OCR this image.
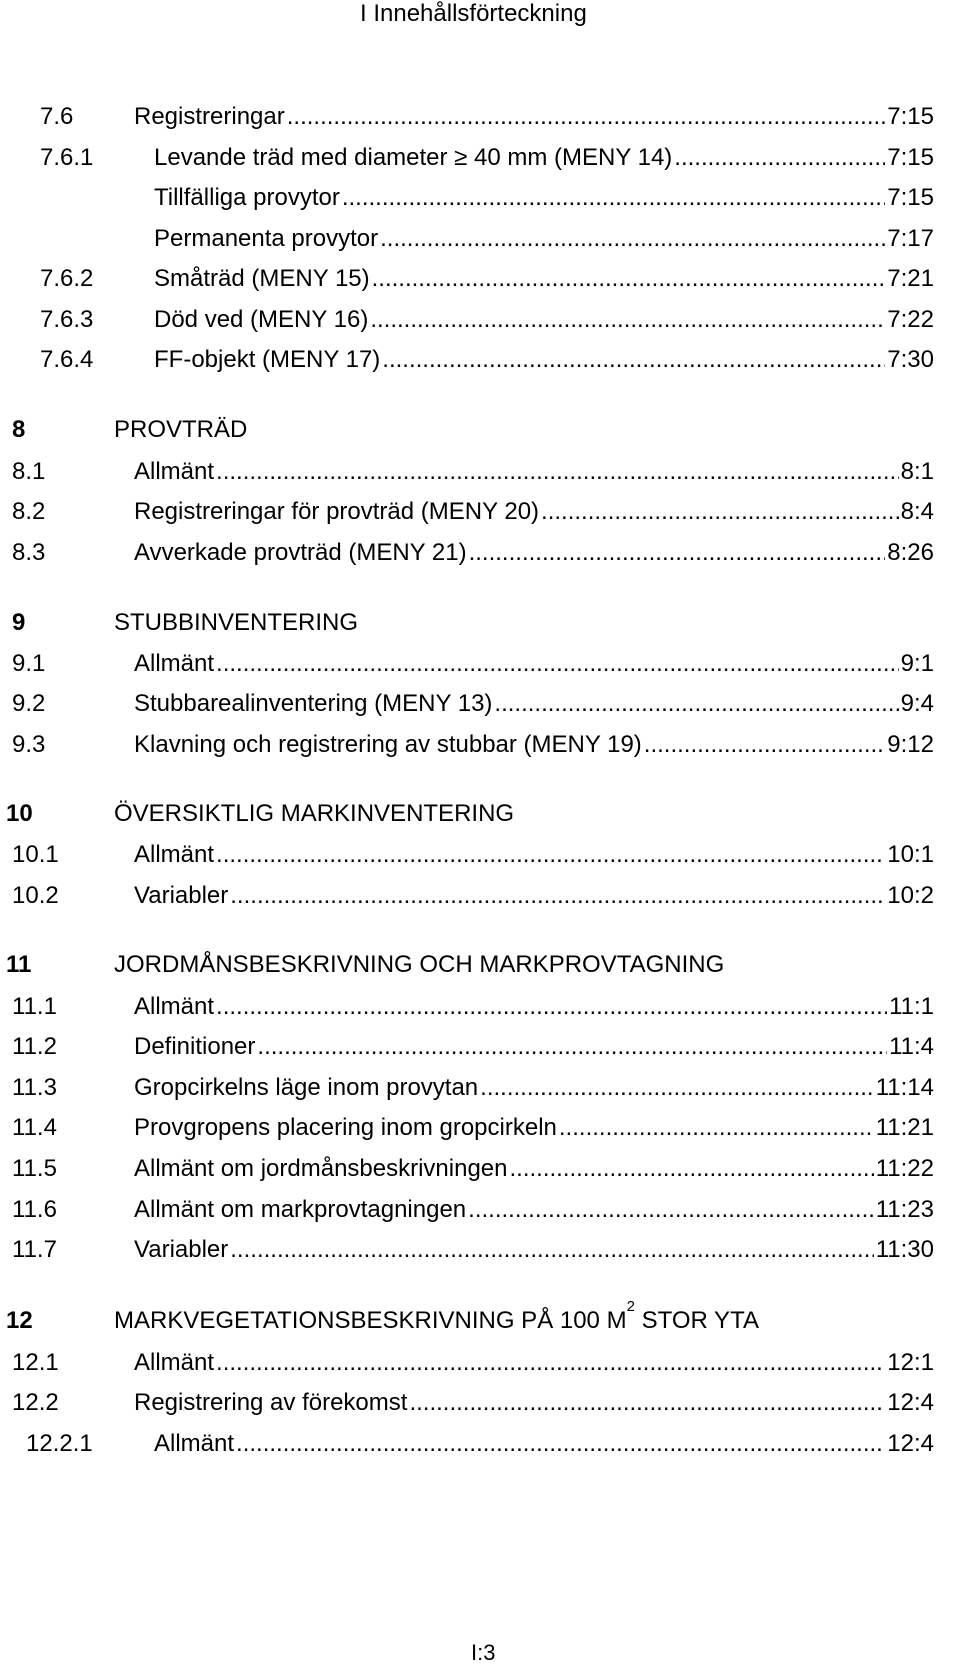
I Innehållsförteckning
7.6	Registreringar .....	7:15
7.6.1	Levande träd med diameter ≥ 40 mm (MENY 14) .....	7:15
Tillfälliga provytor .....	7:15
Permanenta provytor .....	7:17
7.6.2	Småträd (MENY 15) .....	7:21
7.6.3	Död ved (MENY 16) .....	7:22
7.6.4	FF-objekt (MENY 17) .....	7:30
8	PROVTRÄD
8.1	Allmänt .....	8:1
8.2	Registreringar för provträd (MENY 20) .....	8:4
8.3	Avverkade provträd (MENY 21) .....	8:26
9	STUBBINVENTERING
9.1	Allmänt .....	9:1
9.2	Stubbarealinventering (MENY 13) .....	9:4
9.3	Klavning och registrering av stubbar (MENY 19) .....	9:12
10	ÖVERSIKTLIG MARKINVENTERING
10.1	Allmänt .....	10:1
10.2	Variabler .....	10:2
11	JORDMÅNSBESKRIVNING OCH MARKPROVTAGNING
11.1	Allmänt .....	11:1
11.2	Definitioner .....	11:4
11.3	Gropcirkelns läge inom provytan .....	11:14
11.4	Provgropens placering inom gropcirkeln .....	11:21
11.5	Allmänt om jordmånsbeskrivningen .....	11:22
11.6	Allmänt om markprovtagningen .....	11:23
11.7	Variabler .....	11:30
12	MARKVEGETATIONSBESKRIVNING PÅ 100 $M^2$ STOR YTA
12.1	Allmänt .....	12:1
12.2	Registrering av förekomst .....	12:4
12.2.1	Allmänt .....	12:4
I:3
